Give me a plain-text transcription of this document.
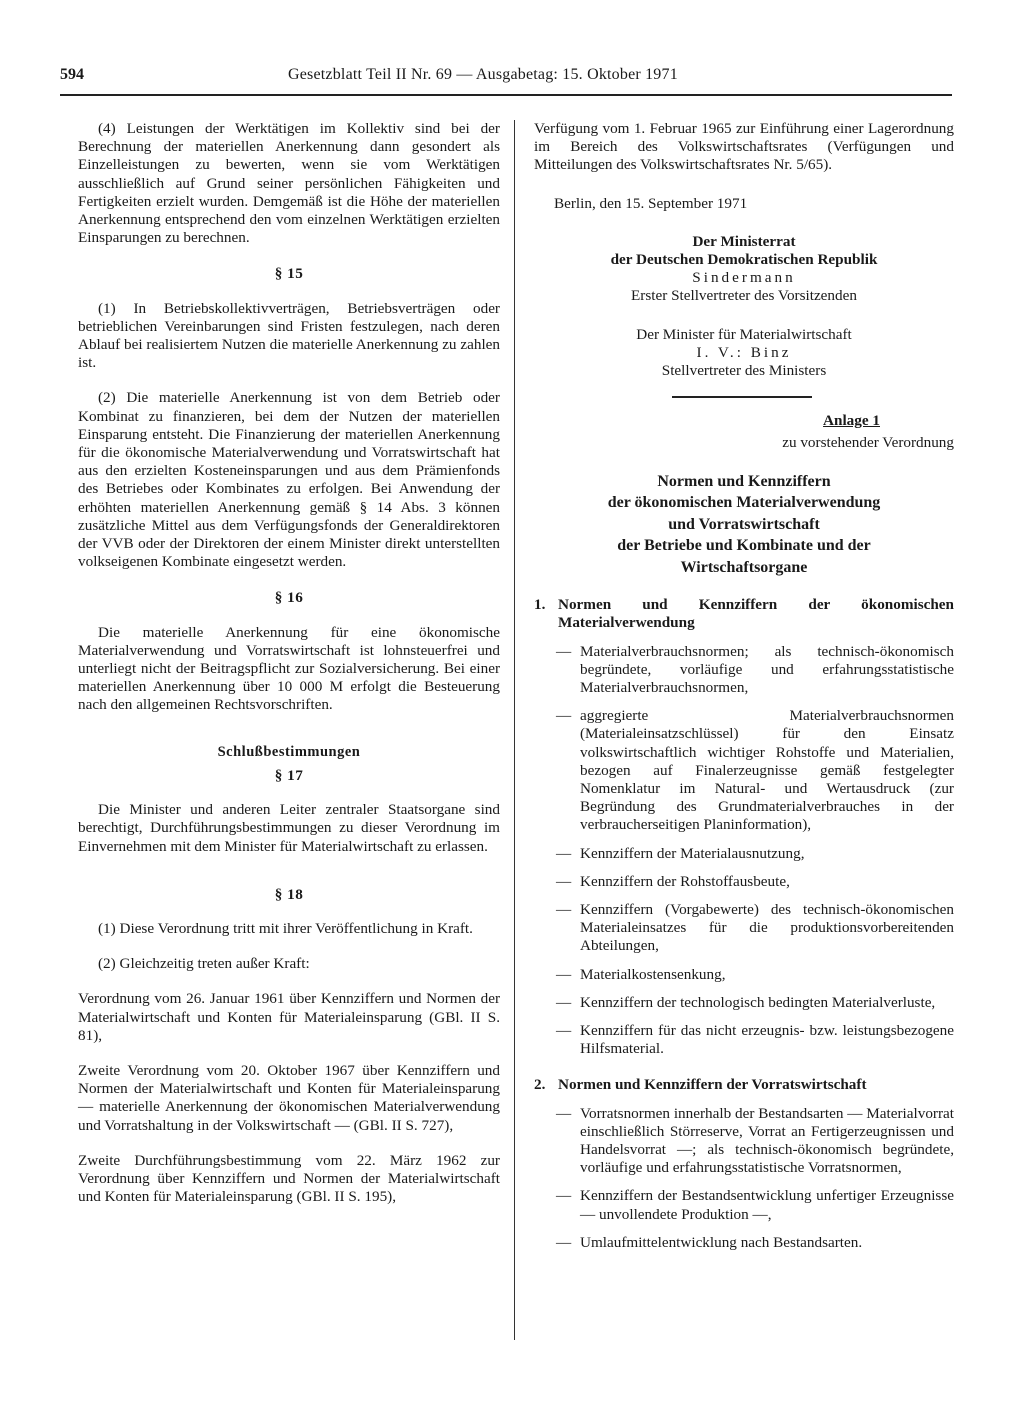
594	Gesetzblatt Teil II Nr. 69 — Ausgabetag: 15. Oktober 1971

(4) Leistungen der Werktätigen im Kollektiv sind bei der Berechnung der materiellen Anerkennung dann gesondert als Einzelleistungen zu bewerten, wenn sie vom Werktätigen ausschließlich auf Grund seiner persönlichen Fähigkeiten und Fertigkeiten erzielt wurden. Demgemäß ist die Höhe der materiellen Anerkennung entsprechend den vom einzelnen Werktätigen erzielten Einsparungen zu berechnen.

§ 15

(1) In Betriebskollektivverträgen, Betriebsverträgen oder betrieblichen Vereinbarungen sind Fristen festzulegen, nach deren Ablauf bei realisiertem Nutzen die materielle Anerkennung zu zahlen ist.

(2) Die materielle Anerkennung ist von dem Betrieb oder Kombinat zu finanzieren, bei dem der Nutzen der materiellen Einsparung entsteht. Die Finanzierung der materiellen Anerkennung für die ökonomische Materialverwendung und Vorratswirtschaft hat aus den erzielten Kosteneinsparungen und aus dem Prämienfonds des Betriebes oder Kombinates zu erfolgen. Bei Anwendung der erhöhten materiellen Anerkennung gemäß § 14 Abs. 3 können zusätzliche Mittel aus dem Verfügungsfonds der Generaldirektoren der VVB oder der Direktoren der einem Minister direkt unterstellten volkseigenen Kombinate eingesetzt werden.

§ 16

Die materielle Anerkennung für eine ökonomische Materialverwendung und Vorratswirtschaft ist lohnsteuerfrei und unterliegt nicht der Beitragspflicht zur Sozialversicherung. Bei einer materiellen Anerkennung über 10 000 M erfolgt die Besteuerung nach den allgemeinen Rechtsvorschriften.

Schlußbestimmungen
§ 17

Die Minister und anderen Leiter zentraler Staatsorgane sind berechtigt, Durchführungsbestimmungen zu dieser Verordnung im Einvernehmen mit dem Minister für Materialwirtschaft zu erlassen.

§ 18

(1) Diese Verordnung tritt mit ihrer Veröffentlichung in Kraft.

(2) Gleichzeitig treten außer Kraft:

Verordnung vom 26. Januar 1961 über Kennziffern und Normen der Materialwirtschaft und Konten für Materialeinsparung (GBl. II S. 81),

Zweite Verordnung vom 20. Oktober 1967 über Kennziffern und Normen der Materialwirtschaft und Konten für Materialeinsparung — materielle Anerkennung der ökonomischen Materialverwendung und Vorratshaltung in der Volkswirtschaft — (GBl. II S. 727),

Zweite Durchführungsbestimmung vom 22. März 1962 zur Verordnung über Kennziffern und Normen der Materialwirtschaft und Konten für Materialeinsparung (GBl. II S. 195),

Verfügung vom 1. Februar 1965 zur Einführung einer Lagerordnung im Bereich des Volkswirtschaftsrates (Verfügungen und Mitteilungen des Volkswirtschaftsrates Nr. 5/65).

Berlin, den 15. September 1971

Der Ministerrat
der Deutschen Demokratischen Republik
Sindermann
Erster Stellvertreter des Vorsitzenden
Der Minister für Materialwirtschaft
I. V.: Binz
Stellvertreter des Ministers
Anlage 1
zu vorstehender Verordnung
Normen und Kennziffern
der ökonomischen Materialverwendung
und Vorratswirtschaft
der Betriebe und Kombinate und der
Wirtschaftsorgane
1. Normen und Kennziffern der ökonomischen Materialverwendung
— Materialverbrauchsnormen; als technisch-ökonomisch begründete, vorläufige und erfahrungsstatistische Materialverbrauchsnormen,
— aggregierte Materialverbrauchsnormen (Materialeinsatzschlüssel) für den Einsatz volkswirtschaftlich wichtiger Rohstoffe und Materialien, bezogen auf Finalerzeugnisse gemäß festgelegter Nomenklatur im Natural- und Wertausdruck (zur Begründung des Grundmaterialverbrauches in der verbraucherseitigen Planinformation),
— Kennziffern der Materialausnutzung,
— Kennziffern der Rohstoffausbeute,
— Kennziffern (Vorgabewerte) des technisch-ökonomischen Materialeinsatzes für die produktionsvorbereitenden Abteilungen,
— Materialkostensenkung,
— Kennziffern der technologisch bedingten Materialverluste,
— Kennziffern für das nicht erzeugnis- bzw. leistungsbezogene Hilfsmaterial.
2. Normen und Kennziffern der Vorratswirtschaft
— Vorratsnormen innerhalb der Bestandsarten — Materialvorrat einschließlich Störreserve, Vorrat an Fertigerzeugnissen und Handelsvorrat —; als technisch-ökonomisch begründete, vorläufige und erfahrungsstatistische Vorratsnormen,
— Kennziffern der Bestandsentwicklung unfertiger Erzeugnisse — unvollendete Produktion —,
— Umlaufmittelentwicklung nach Bestandsarten.
